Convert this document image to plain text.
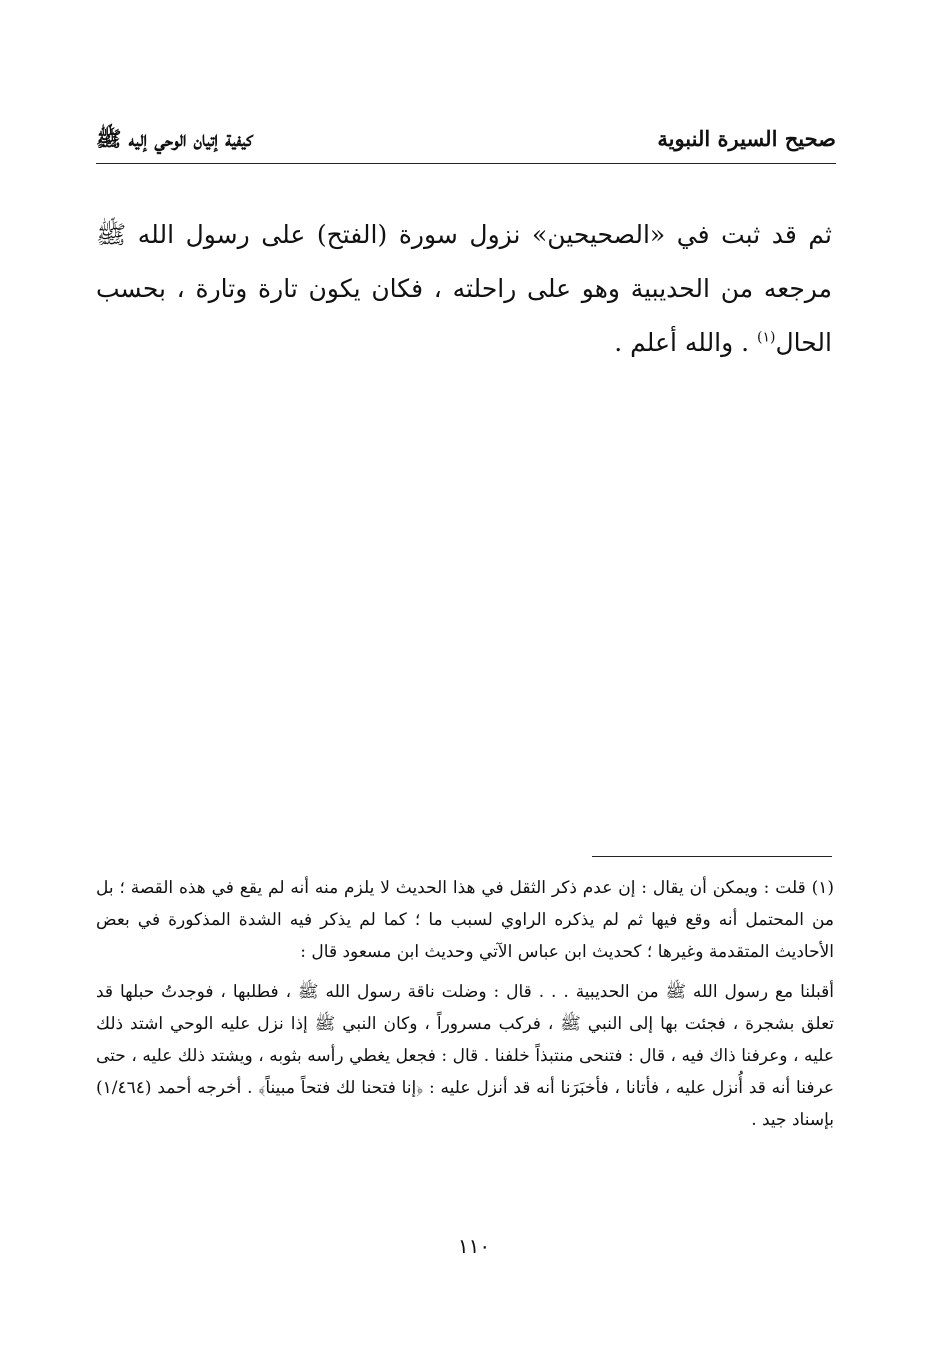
صحيح السيرة النبوية
كيفية إتيان الوحي إليه ﷺ

ثم قد ثبت في «الصحيحين» نزول سورة (الفتح) على رسول الله ﷺ مرجعه من الحديبية وهو على راحلته ، فكان يكون تارة وتارة ، بحسب الحال$^{(١)}$ . والله أعلم .

(١) قلت : ويمكن أن يقال : إن عدم ذكر الثقل في هذا الحديث لا يلزم منه أنه لم يقع في هذه القصة ؛ بل من المحتمل أنه وقع فيها ثم لم يذكره الراوي لسبب ما ؛ كما لم يذكر فيه الشدة المذكورة في بعض الأحاديث المتقدمة وغيرها ؛ كحديث ابن عباس الآتي وحديث ابن مسعود قال :

أقبلنا مع رسول الله ﷺ من الحديبية . . . قال : وضلت ناقة رسول الله ﷺ ، فطلبها ، فوجدتُ حبلها قد تعلق بشجرة ، فجئت بها إلى النبي ﷺ ، فركب مسروراً ، وكان النبي ﷺ إذا نزل عليه الوحي اشتد ذلك عليه ، وعرفنا ذاك فيه ، قال : فتنحى منتبذاً خلفنا . قال : فجعل يغطي رأسه بثوبه ، ويشتد ذلك عليه ، حتى عرفنا أنه قد أُنزل عليه ، فأتانا ، فأخبَرَنا أنه قد أنزل عليه : ﴿إنا فتحنا لك فتحاً مبيناً﴾ . أخرجه أحمد (١/٤٦٤) بإسناد جيد .

١١٠
